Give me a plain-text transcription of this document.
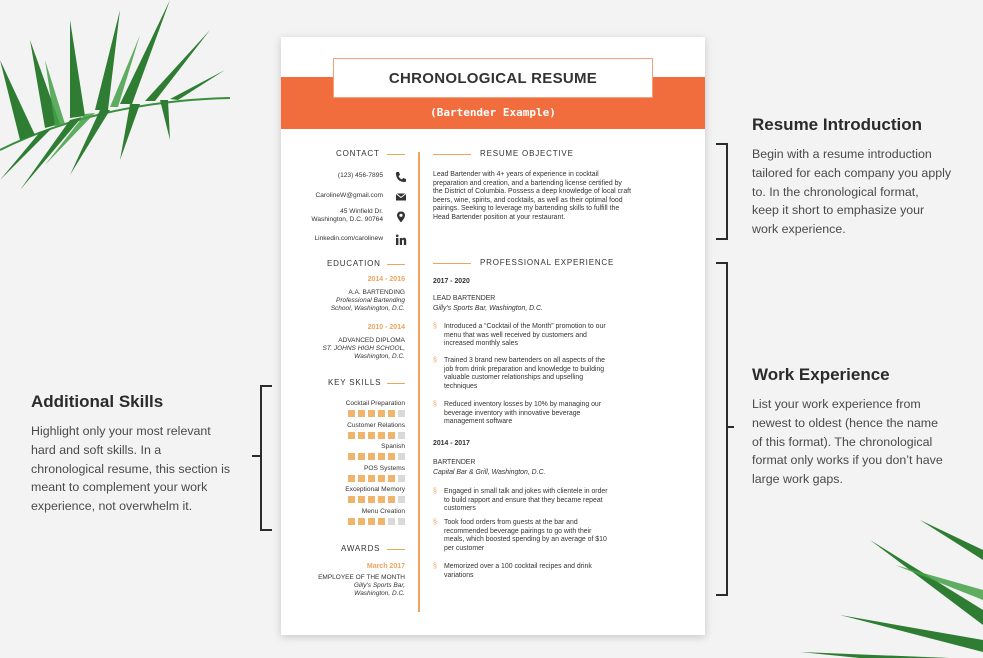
Resume Introduction

Begin with a resume introduction
tailored for each company you apply
to. In the chronological format,
keep it short to emphasize your
work experience.

Work Experience

List your work experience from
newest to oldest (hence the name
of this format). The chronological
format only works if you don’t have
large work gaps.

Additional Skills

Highlight only your most relevant
hard and soft skills. In a
chronological resume, this section is
meant to complement your work
experience, not overwhelm it.

CHRONOLOGICAL RESUME
(Bartender Example)
CONTACT
(123) 456-7895
CarolineW@gmail.com
45 Winfield Dr.
Washington, D.C. 90764
Linkedin.com/carolinew
EDUCATION
2014 - 2016
A.A. BARTENDING
Professional Bartending
School, Washington, D.C.
2010 - 2014
ADVANCED DIPLOMA
ST. JOHNS HIGH SCHOOL,
Washington, D.C.
KEY SKILLS
Cocktail Preparation
Customer Relations
Spanish
POS Systems
Exceptional Memory
Menu Creation
AWARDS
March 2017
EMPLOYEE OF THE MONTH
Gilly's Sports Bar,
Washington, D.C.
RESUME OBJECTIVE
Lead Bartender with 4+ years of experience in cocktail
preparation and creation, and a bartending license certified by
the District of Columbia. Possess a deep knowledge of local craft
beers, wine, spirits, and cocktails, as well as their optimal food
pairings. Seeking to leverage my bartending skills to fulfill the
Head Bartender position at your restaurant.
PROFESSIONAL EXPERIENCE
2017 - 2020
LEAD BARTENDER
Gilly's Sports Bar, Washington, D.C.
§ Introduced a “Cocktail of the Month” promotion to our
menu that was well received by customers and
increased monthly sales
§ Trained 3 brand new bartenders on all aspects of the
job from drink preparation and knowledge to building
valuable customer relationships and upselling
techniques
§ Reduced inventory losses by 10% by managing our
beverage inventory with innovative beverage
management software
2014 - 2017
BARTENDER
Capital Bar & Grill, Washington, D.C.
§ Engaged in small talk and jokes with clientele in order
to build rapport and ensure that they became repeat
customers
§ Took food orders from guests at the bar and
recommended beverage pairings to go with their
meals, which boosted spending by an average of $10
per customer
§ Memorized over a 100 cocktail recipes and drink
variations
